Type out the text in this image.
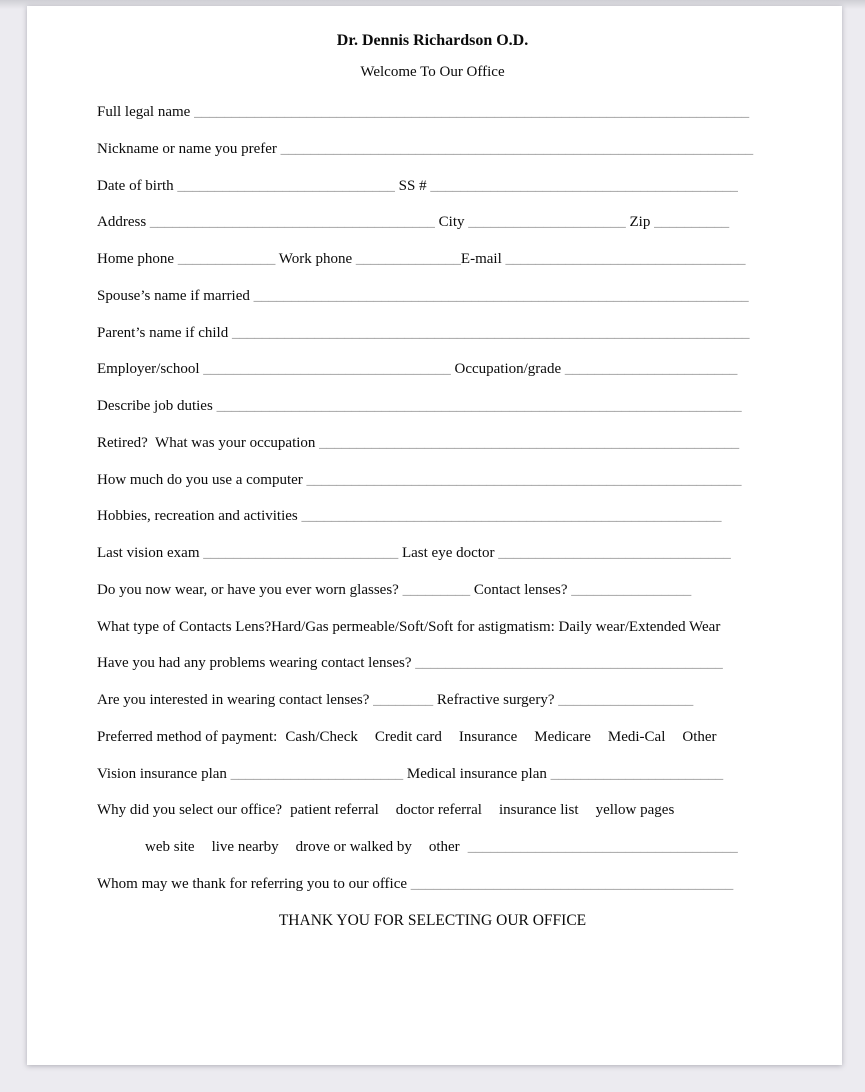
Dr. Dennis Richardson O.D.
Welcome To Our Office
Full legal name __________________________________________________________________________
Nickname or name you prefer _______________________________________________________________
Date of birth _____________________________ SS # _________________________________________
Address ______________________________________ City _____________________ Zip __________
Home phone _____________ Work phone ______________E-mail ________________________________
Spouse’s name if married __________________________________________________________________
Parent’s name if child _____________________________________________________________________
Employer/school _________________________________ Occupation/grade _______________________
Describe job duties ______________________________________________________________________
Retired?  What was your occupation ________________________________________________________
How much do you use a computer __________________________________________________________
Hobbies, recreation and activities ________________________________________________________
Last vision exam __________________________ Last eye doctor _______________________________
Do you now wear, or have you ever worn glasses? _________ Contact lenses? ________________
What type of Contacts Lens?Hard/Gas permeable/Soft/Soft for astigmatism: Daily wear/Extended Wear
Have you had any problems wearing contact lenses? _________________________________________
Are you interested in wearing contact lenses? ________ Refractive surgery? __________________
Preferred method of payment: Cash/Check Credit card Insurance Medicare Medi-Cal Other
Vision insurance plan _______________________ Medical insurance plan _______________________
Why did you select our office? patient referral doctor referral insurance list yellow pages
web site live nearby drove or walked by other ____________________________________
Whom may we thank for referring you to our office ___________________________________________
THANK YOU FOR SELECTING OUR OFFICE
